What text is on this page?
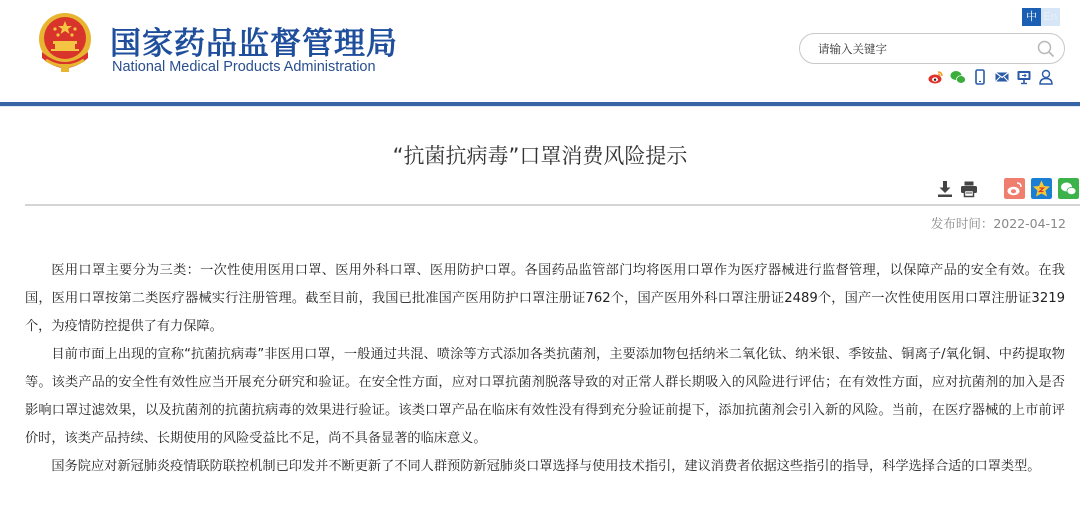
国家药品监督管理局
National Medical Products Administration
中 En
请输入关键字
“抗菌抗病毒”口罩消费风险提示
发布时间：2022-04-12

医用口罩主要分为三类：一次性使用医用口罩、医用外科口罩、医用防护口罩。各国药品监管部门均将医用口罩作为医疗器械进行监督管理，以保障产品的安全有效。在我国，医用口罩按第二类医疗器械实行注册管理。截至目前，我国已批准国产医用防护口罩注册证762个，国产医用外科口罩注册证2489个，国产一次性使用医用口罩注册证3219个，为疫情防控提供了有力保障。

目前市面上出现的宣称“抗菌抗病毒”非医用口罩，一般通过共混、喷涂等方式添加各类抗菌剂，主要添加物包括纳米二氧化钛、纳米银、季铵盐、铜离子/氧化铜、中药提取物等。该类产品的安全性有效性应当开展充分研究和验证。在安全性方面，应对口罩抗菌剂脱落导致的对正常人群长期吸入的风险进行评估；在有效性方面，应对抗菌剂的加入是否影响口罩过滤效果，以及抗菌剂的抗菌抗病毒的效果进行验证。该类口罩产品在临床有效性没有得到充分验证前提下，添加抗菌剂会引入新的风险。当前，在医疗器械的上市前评价时，该类产品持续、长期使用的风险受益比不足，尚不具备显著的临床意义。

国务院应对新冠肺炎疫情联防联控机制已印发并不断更新了不同人群预防新冠肺炎口罩选择与使用技术指引，建议消费者依据这些指引的指导，科学选择合适的口罩类型。
